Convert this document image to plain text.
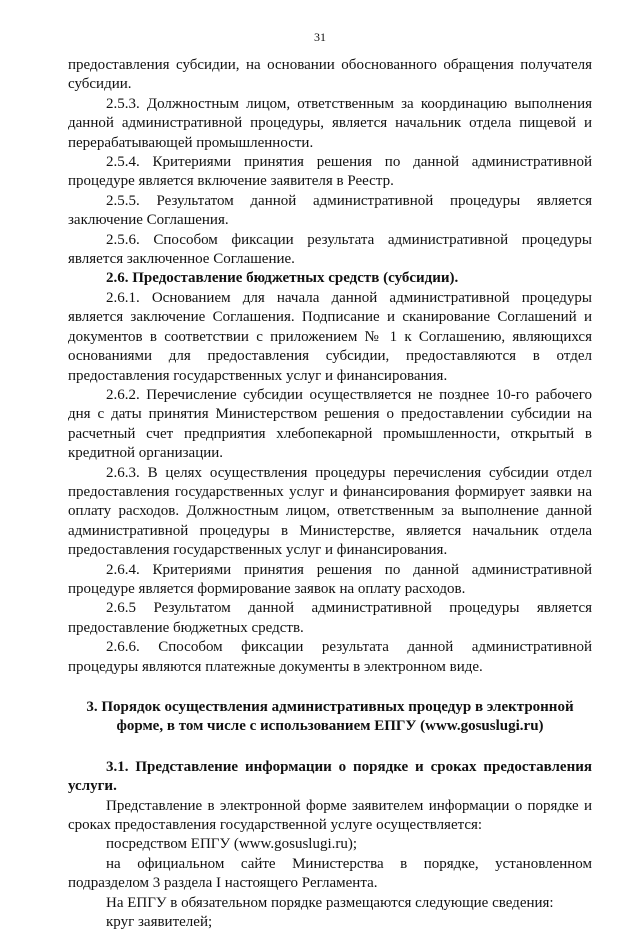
31

предоставления субсидии, на основании обоснованного обращения получателя субсидии.

2.5.3. Должностным лицом, ответственным за координацию выполнения данной административной процедуры, является начальник отдела пищевой и перерабатывающей промышленности.

2.5.4. Критериями принятия решения по данной административной процедуре является включение заявителя в Реестр.

2.5.5. Результатом данной административной процедуры является заключение Соглашения.

2.5.6. Способом фиксации результата административной процедуры является заключенное Соглашение.

2.6. Предоставление бюджетных средств (субсидии).

2.6.1. Основанием для начала данной административной процедуры является заключение Соглашения. Подписание и сканирование Соглашений и документов в соответствии с приложением № 1 к Соглашению, являющихся основаниями для предоставления субсидии, предоставляются в отдел предоставления государственных услуг и финансирования.

2.6.2. Перечисление субсидии осуществляется не позднее 10-го рабочего дня с даты принятия Министерством решения о предоставлении субсидии на расчетный счет предприятия хлебопекарной промышленности, открытый в кредитной организации.

2.6.3. В целях осуществления процедуры перечисления субсидии отдел предоставления государственных услуг и финансирования формирует заявки на оплату расходов. Должностным лицом, ответственным за выполнение данной административной процедуры в Министерстве, является начальник отдела предоставления государственных услуг и финансирования.

2.6.4. Критериями принятия решения по данной административной процедуре является формирование заявок на оплату расходов.

2.6.5 Результатом данной административной процедуры является предоставление бюджетных средств.

2.6.6. Способом фиксации результата данной административной процедуры являются платежные документы в электронном виде.

3. Порядок осуществления административных процедур в электронной форме, в том числе с использованием ЕПГУ (www.gosuslugi.ru)

3.1. Представление информации о порядке и сроках предоставления услуги.

Представление в электронной форме заявителем информации о порядке и сроках предоставления государственной услуге осуществляется:

посредством ЕПГУ (www.gosuslugi.ru);

на официальном сайте Министерства в порядке, установленном подразделом 3 раздела I настоящего Регламента.

На ЕПГУ в обязательном порядке размещаются следующие сведения:

круг заявителей;
